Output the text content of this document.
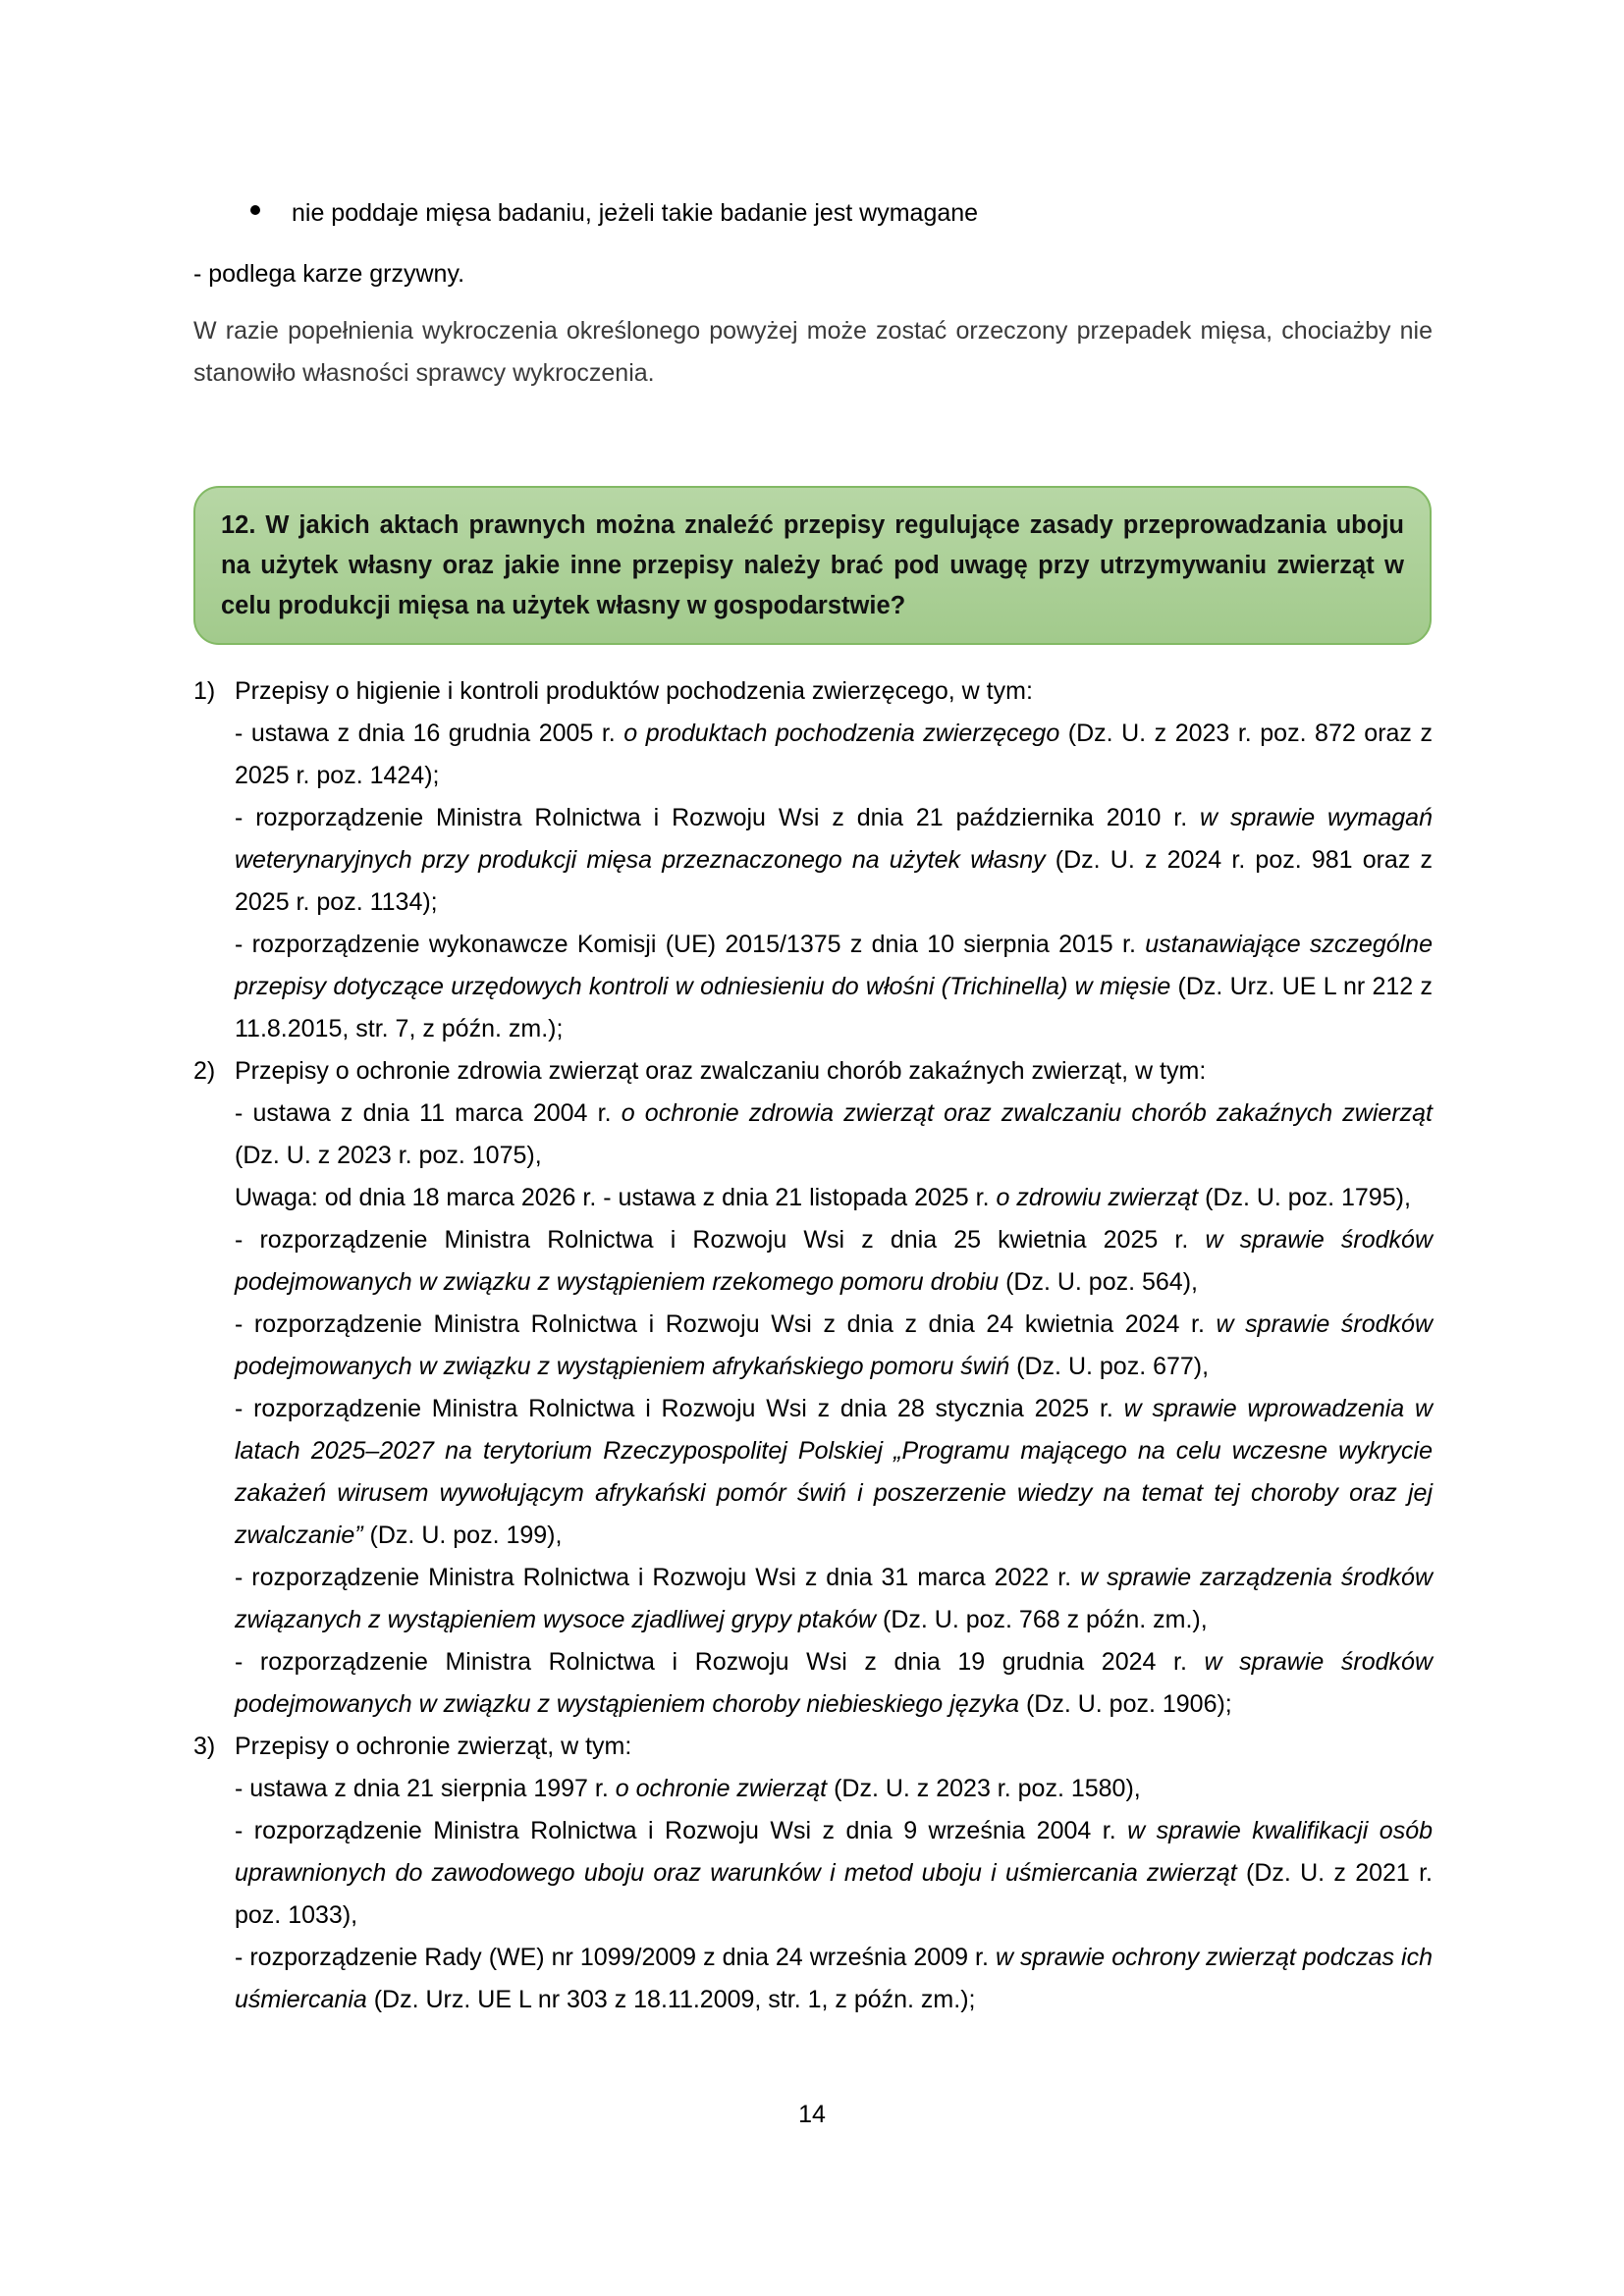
nie poddaje mięsa badaniu, jeżeli takie badanie jest wymagane
- podlega karze grzywny.
W razie popełnienia wykroczenia określonego powyżej może zostać orzeczony przepadek mięsa, chociażby nie stanowiło własności sprawcy wykroczenia.
12. W jakich aktach prawnych można znaleźć przepisy regulujące zasady przeprowadzania uboju na użytek własny oraz jakie inne przepisy należy brać pod uwagę przy utrzymywaniu zwierząt w celu produkcji mięsa na użytek własny w gospodarstwie?
1) Przepisy o higienie i kontroli produktów pochodzenia zwierzęcego, w tym:
- ustawa z dnia 16 grudnia 2005 r. o produktach pochodzenia zwierzęcego (Dz. U. z 2023 r. poz. 872 oraz z 2025 r. poz. 1424);
- rozporządzenie Ministra Rolnictwa i Rozwoju Wsi z dnia 21 października 2010 r. w sprawie wymagań weterynaryjnych przy produkcji mięsa przeznaczonego na użytek własny (Dz. U. z 2024 r. poz. 981 oraz z 2025 r. poz. 1134);
- rozporządzenie wykonawcze Komisji (UE) 2015/1375 z dnia 10 sierpnia 2015 r. ustanawiające szczególne przepisy dotyczące urzędowych kontroli w odniesieniu do włośni (Trichinella) w mięsie (Dz. Urz. UE L nr 212 z 11.8.2015, str. 7, z późn. zm.);
2) Przepisy o ochronie zdrowia zwierząt oraz zwalczaniu chorób zakaźnych zwierząt, w tym:
- ustawa z dnia 11 marca 2004 r. o ochronie zdrowia zwierząt oraz zwalczaniu chorób zakaźnych zwierząt (Dz. U. z 2023 r. poz. 1075),
Uwaga: od dnia 18 marca 2026 r. - ustawa z dnia 21 listopada 2025 r. o zdrowiu zwierząt (Dz. U. poz. 1795),
- rozporządzenie Ministra Rolnictwa i Rozwoju Wsi z dnia 25 kwietnia 2025 r. w sprawie środków podejmowanych w związku z wystąpieniem rzekomego pomoru drobiu (Dz. U. poz. 564),
- rozporządzenie Ministra Rolnictwa i Rozwoju Wsi z dnia z dnia 24 kwietnia 2024 r. w sprawie środków podejmowanych w związku z wystąpieniem afrykańskiego pomoru świń (Dz. U. poz. 677),
- rozporządzenie Ministra Rolnictwa i Rozwoju Wsi z dnia 28 stycznia 2025 r. w sprawie wprowadzenia w latach 2025–2027 na terytorium Rzeczypospolitej Polskiej „Programu mającego na celu wczesne wykrycie zakażeń wirusem wywołującym afrykański pomór świń i poszerzenie wiedzy na temat tej choroby oraz jej zwalczanie” (Dz. U. poz. 199),
- rozporządzenie Ministra Rolnictwa i Rozwoju Wsi z dnia 31 marca 2022 r. w sprawie zarządzenia środków związanych z wystąpieniem wysoce zjadliwej grypy ptaków (Dz. U. poz. 768 z późn. zm.),
- rozporządzenie Ministra Rolnictwa i Rozwoju Wsi z dnia 19 grudnia 2024 r. w sprawie środków podejmowanych w związku z wystąpieniem choroby niebieskiego języka (Dz. U. poz. 1906);
3) Przepisy o ochronie zwierząt, w tym:
- ustawa z dnia 21 sierpnia 1997 r. o ochronie zwierząt (Dz. U. z 2023 r. poz. 1580),
- rozporządzenie Ministra Rolnictwa i Rozwoju Wsi z dnia 9 września 2004 r. w sprawie kwalifikacji osób uprawnionych do zawodowego uboju oraz warunków i metod uboju i uśmiercania zwierząt (Dz. U. z 2021 r. poz. 1033),
- rozporządzenie Rady (WE) nr 1099/2009 z dnia 24 września 2009 r. w sprawie ochrony zwierząt podczas ich uśmiercania (Dz. Urz. UE L nr 303 z 18.11.2009, str. 1, z późn. zm.);
14
